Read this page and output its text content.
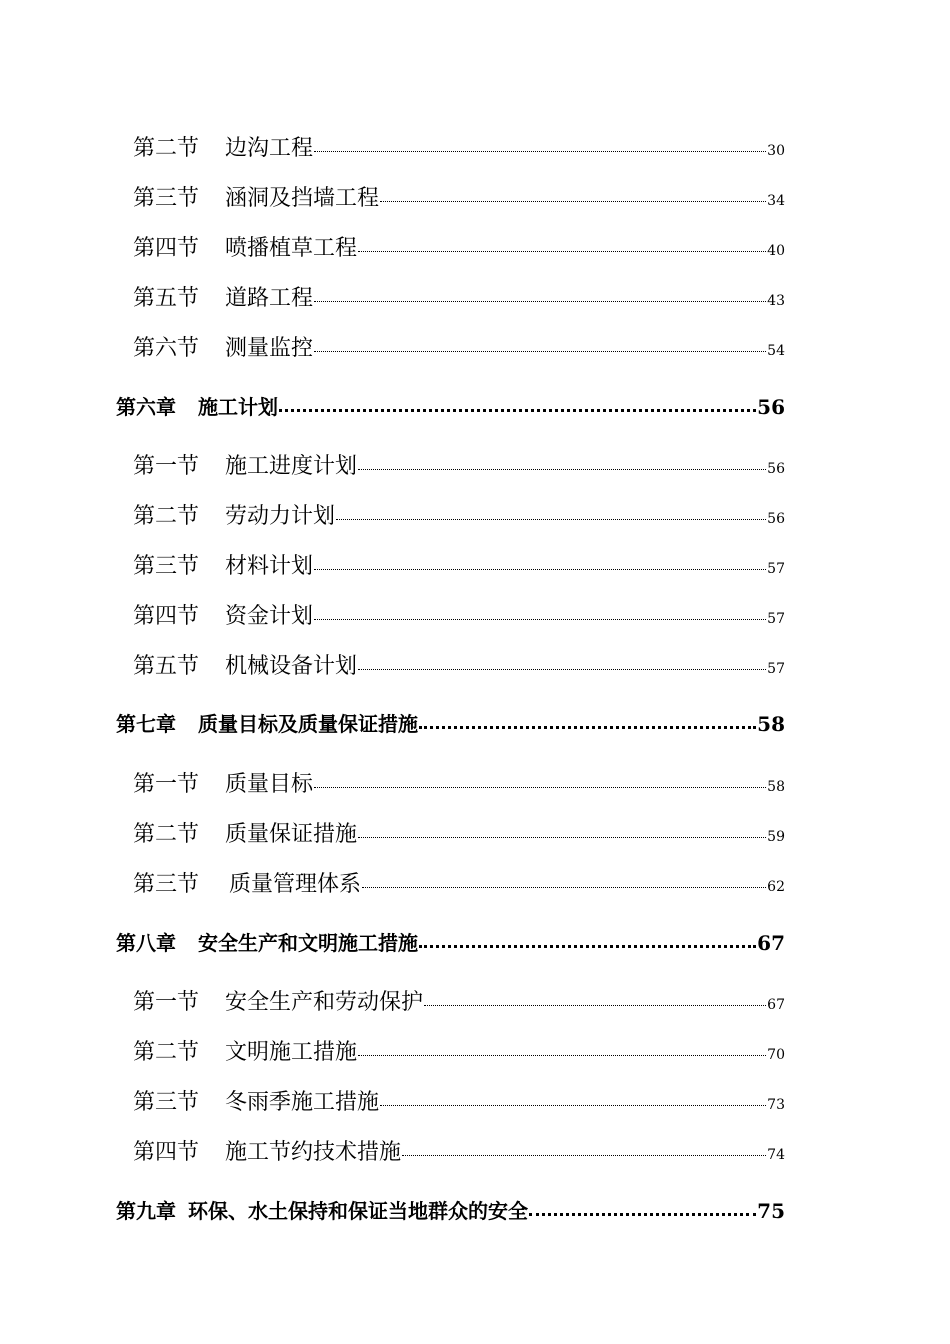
第二节 边沟工程	30
第三节 涵洞及挡墙工程	34
第四节 喷播植草工程	40
第五节 道路工程	43
第六节 测量监控	54
第六章 施工计划	56
第一节 施工进度计划	56
第二节 劳动力计划	56
第三节 材料计划	57
第四节 资金计划	57
第五节 机械设备计划	57
第七章 质量目标及质量保证措施	58
第一节 质量目标	58
第二节 质量保证措施	59
第三节 质量管理体系	62
第八章 安全生产和文明施工措施	67
第一节 安全生产和劳动保护	67
第二节 文明施工措施	70
第三节 冬雨季施工措施	73
第四节 施工节约技术措施	74
第九章 环保、水土保持和保证当地群众的安全	75
